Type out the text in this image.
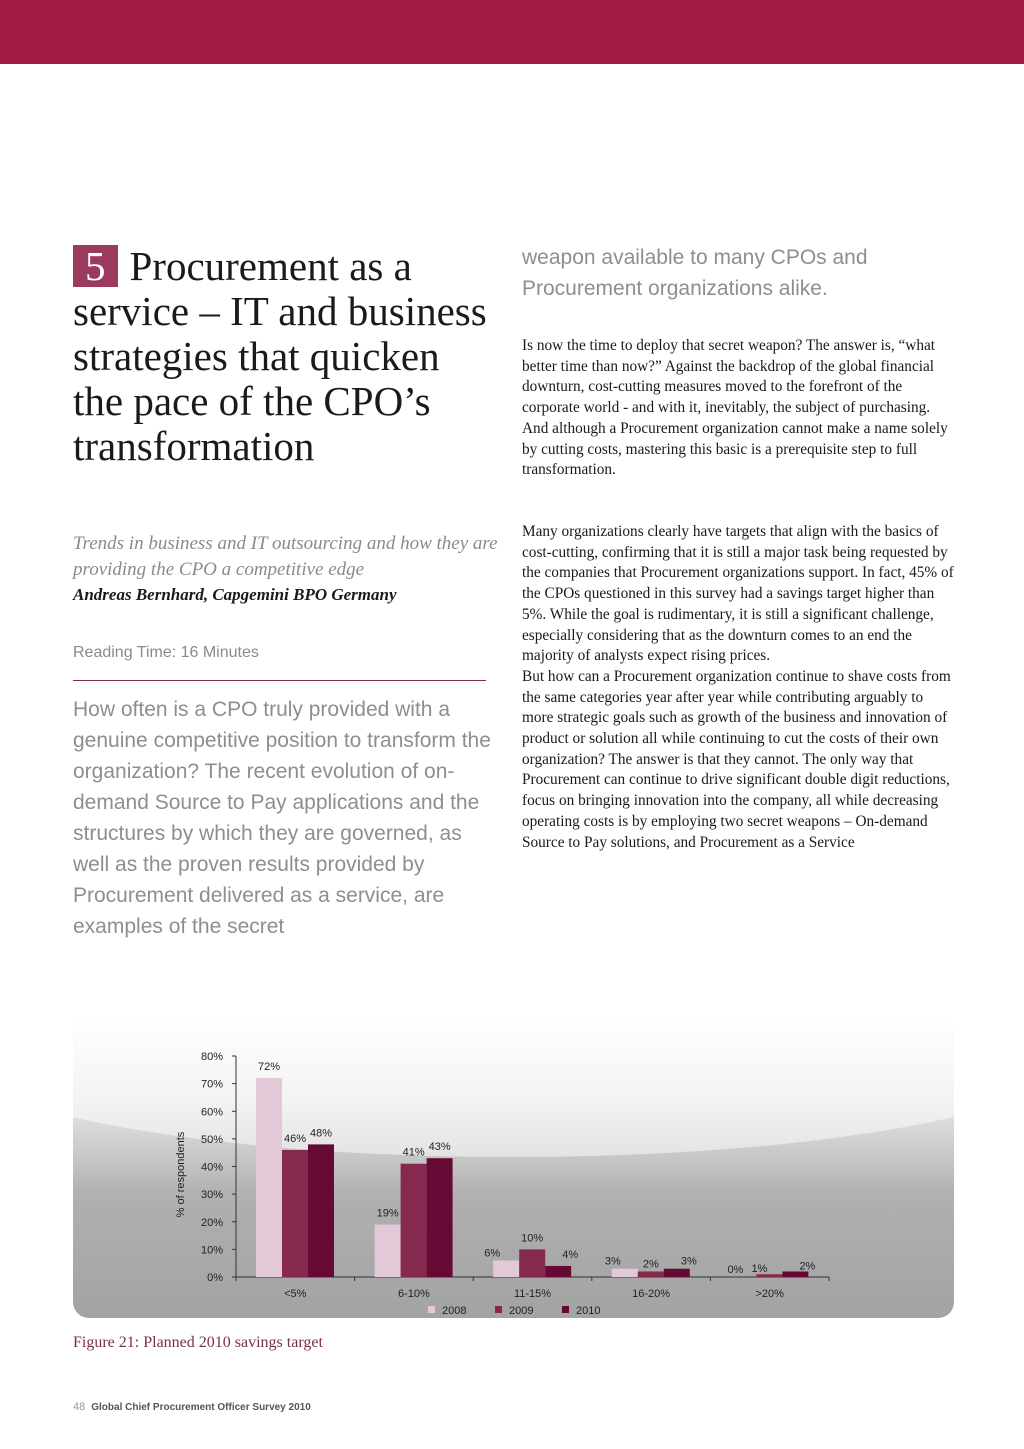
5 Procurement as a service – IT and business strategies that quicken the pace of the CPO’s transformation
Trends in business and IT outsourcing and how they are providing the CPO a competitive edge
Andreas Bernhard, Capgemini BPO Germany
Reading Time: 16 Minutes
How often is a CPO truly provided with a genuine competitive position to transform the organization? The recent evolution of on-demand Source to Pay applications and the structures by which they are governed, as well as the proven results provided by Procurement delivered as a service, are examples of the secret
weapon available to many CPOs and Procurement organizations alike.

Is now the time to deploy that secret weapon? The answer is, “what better time than now?” Against the backdrop of the global financial downturn, cost-cutting measures moved to the forefront of the corporate world - and with it, inevitably, the subject of purchasing. And although a Procurement organization cannot make a name solely by cutting costs, mastering this basic is a prerequisite step to full transformation.

Many organizations clearly have targets that align with the basics of cost-cutting, confirming that it is still a major task being requested by the companies that Procurement organizations support. In fact, 45% of the CPOs questioned in this survey had a savings target higher than 5%. While the goal is rudimentary, it is still a significant challenge, especially considering that as the downturn comes to an end the majority of analysts expect rising prices.

But how can a Procurement organization continue to shave costs from the same categories year after year while contributing arguably to more strategic goals such as growth of the business and innovation of product or solution all while continuing to cut the costs of their own organization? The answer is that they cannot. The only way that Procurement can continue to drive significant double digit reductions, focus on bringing innovation into the company, all while decreasing operating costs is by employing two secret weapons – On-demand Source to Pay solutions, and Procurement as a Service

0%
10%
20%
30%
40%
50%
60%
70%
80%
% of respondents
72%
46% 48%
<5%
19%
41% 43%
6-10%
6%
10%
4%
11-15%
3% 2% 3%
16-20%
0% 1%	2%
>20%
2008	2009	2010
Figure 21: Planned 2010 savings target
48 Global Chief Procurement Officer Survey 2010
